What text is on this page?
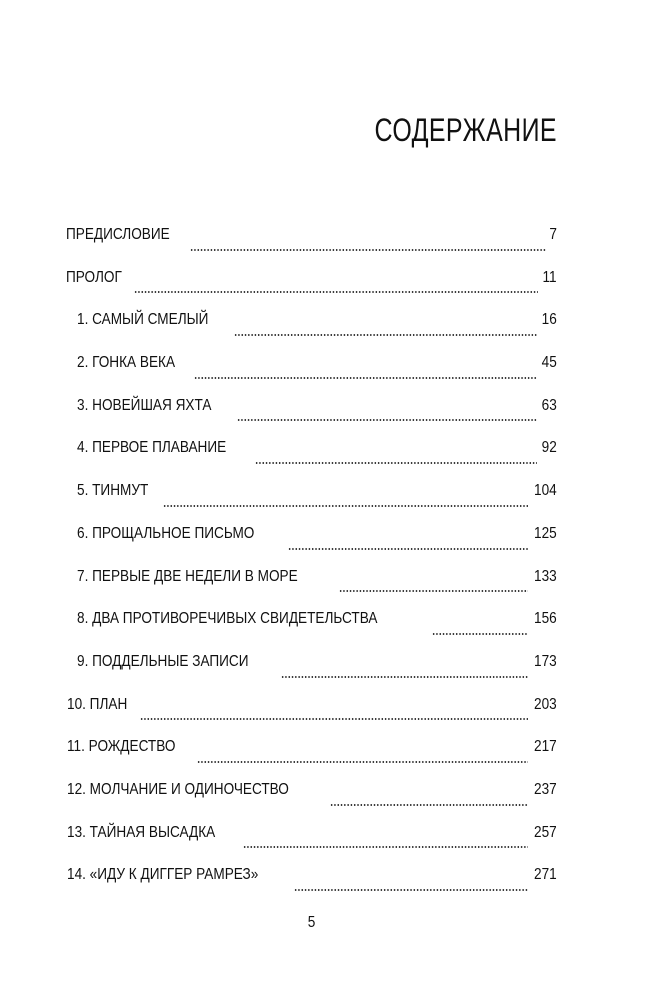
СОДЕРЖАНИЕ
ПРЕДИСЛОВИЕ	7
ПРОЛОГ	11
1. САМЫЙ СМЕЛЫЙ	16
2. ГОНКА ВЕКА	45
3. НОВЕЙШАЯ ЯХТА	63
4. ПЕРВОЕ ПЛАВАНИЕ	92
5. ТИНМУТ	104
6. ПРОЩАЛЬНОЕ ПИСЬМО	125
7. ПЕРВЫЕ ДВЕ НЕДЕЛИ В МОРЕ	133
8. ДВА ПРОТИВОРЕЧИВЫХ СВИДЕТЕЛЬСТВА	156
9. ПОДДЕЛЬНЫЕ ЗАПИСИ	173
10. ПЛАН	203
11. РОЖДЕСТВО	217
12. МОЛЧАНИЕ И ОДИНОЧЕСТВО	237
13. ТАЙНАЯ ВЫСАДКА	257
14. «ИДУ К ДИГГЕР РАМРЕЗ»	271
5
